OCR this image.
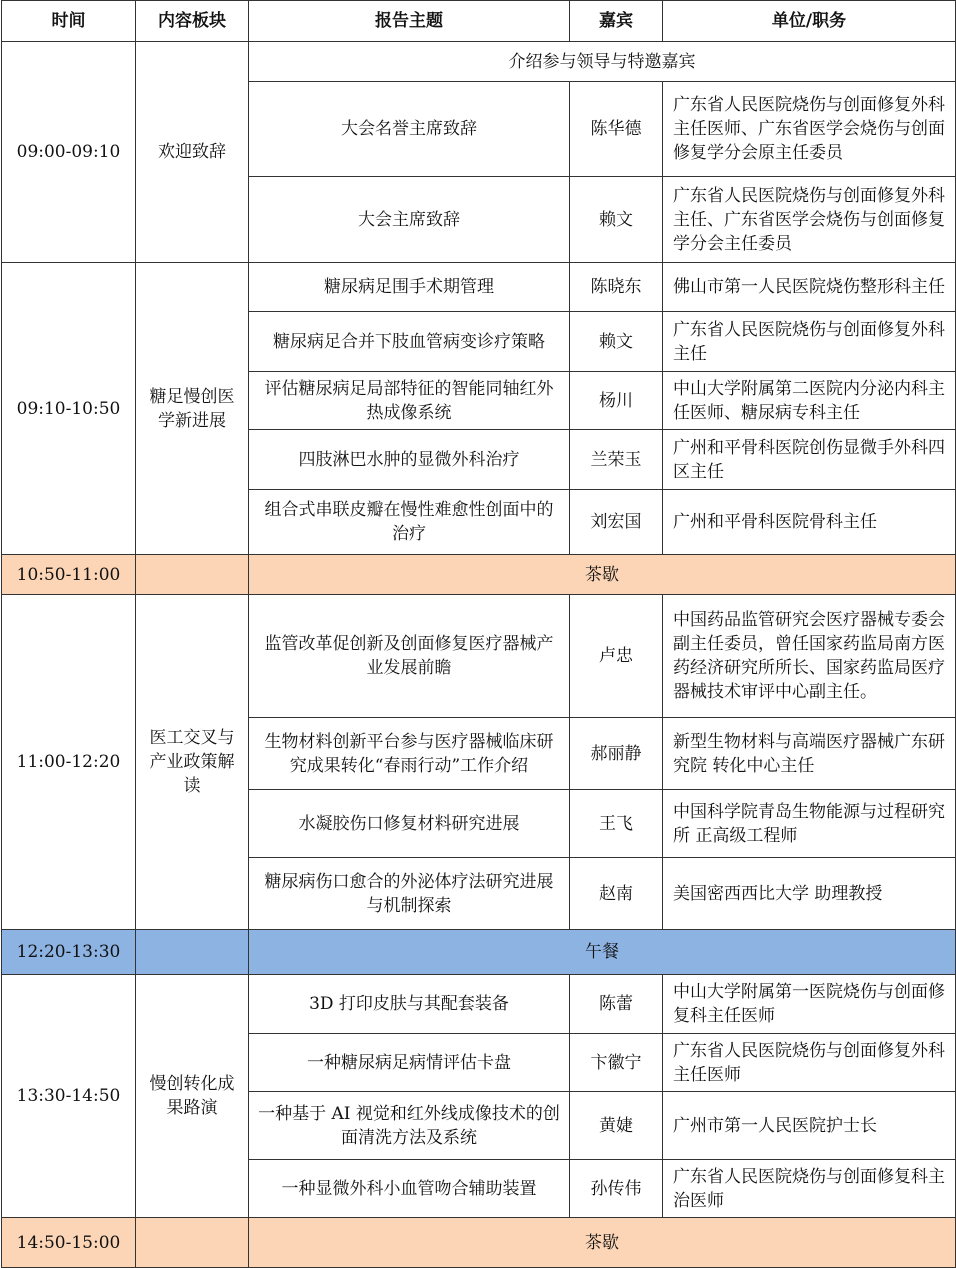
时间	内容板块	报告主题	嘉宾	单位/职务
09:00-09:10	欢迎致辞	介绍参与领导与特邀嘉宾		
		大会名誉主席致辞	陈华德	广东省人民医院烧伤与创面修复外科主任医师、广东省医学会烧伤与创面修复学分会原主任委员
		大会主席致辞	赖文	广东省人民医院烧伤与创面修复外科主任、广东省医学会烧伤与创面修复学分会主任委员
09:10-10:50	糖足慢创医学新进展	糖尿病足围手术期管理	陈晓东	佛山市第一人民医院烧伤整形科主任
		糖尿病足合并下肢血管病变诊疗策略	赖文	广东省人民医院烧伤与创面修复外科主任
		评估糖尿病足局部特征的智能同轴红外热成像系统	杨川	中山大学附属第二医院内分泌内科主任医师、糖尿病专科主任
		四肢淋巴水肿的显微外科治疗	兰荣玉	广州和平骨科医院创伤显微手外科四区主任
		组合式串联皮瓣在慢性难愈性创面中的治疗	刘宏国	广州和平骨科医院骨科主任
10:50-11:00		茶歇		
11:00-12:20	医工交叉与产业政策解读	监管改革促创新及创面修复医疗器械产业发展前瞻	卢忠	中国药品监管研究会医疗器械专委会副主任委员，曾任国家药监局南方医药经济研究所所长、国家药监局医疗器械技术审评中心副主任。
		生物材料创新平台参与医疗器械临床研究成果转化“春雨行动”工作介绍	郝丽静	新型生物材料与高端医疗器械广东研究院 转化中心主任
		水凝胶伤口修复材料研究进展	王飞	中国科学院青岛生物能源与过程研究所 正高级工程师
		糖尿病伤口愈合的外泌体疗法研究进展与机制探索	赵南	美国密西西比大学 助理教授
12:20-13:30		午餐		
13:30-14:50	慢创转化成果路演	3D 打印皮肤与其配套装备	陈蕾	中山大学附属第一医院烧伤与创面修复科主任医师
		一种糖尿病足病情评估卡盘	卞徽宁	广东省人民医院烧伤与创面修复外科主任医师
		一种基于 AI 视觉和红外线成像技术的创面清洗方法及系统	黄婕	广州市第一人民医院护士长
		一种显微外科小血管吻合辅助装置	孙传伟	广东省人民医院烧伤与创面修复科主治医师
14:50-15:00		茶歇		
